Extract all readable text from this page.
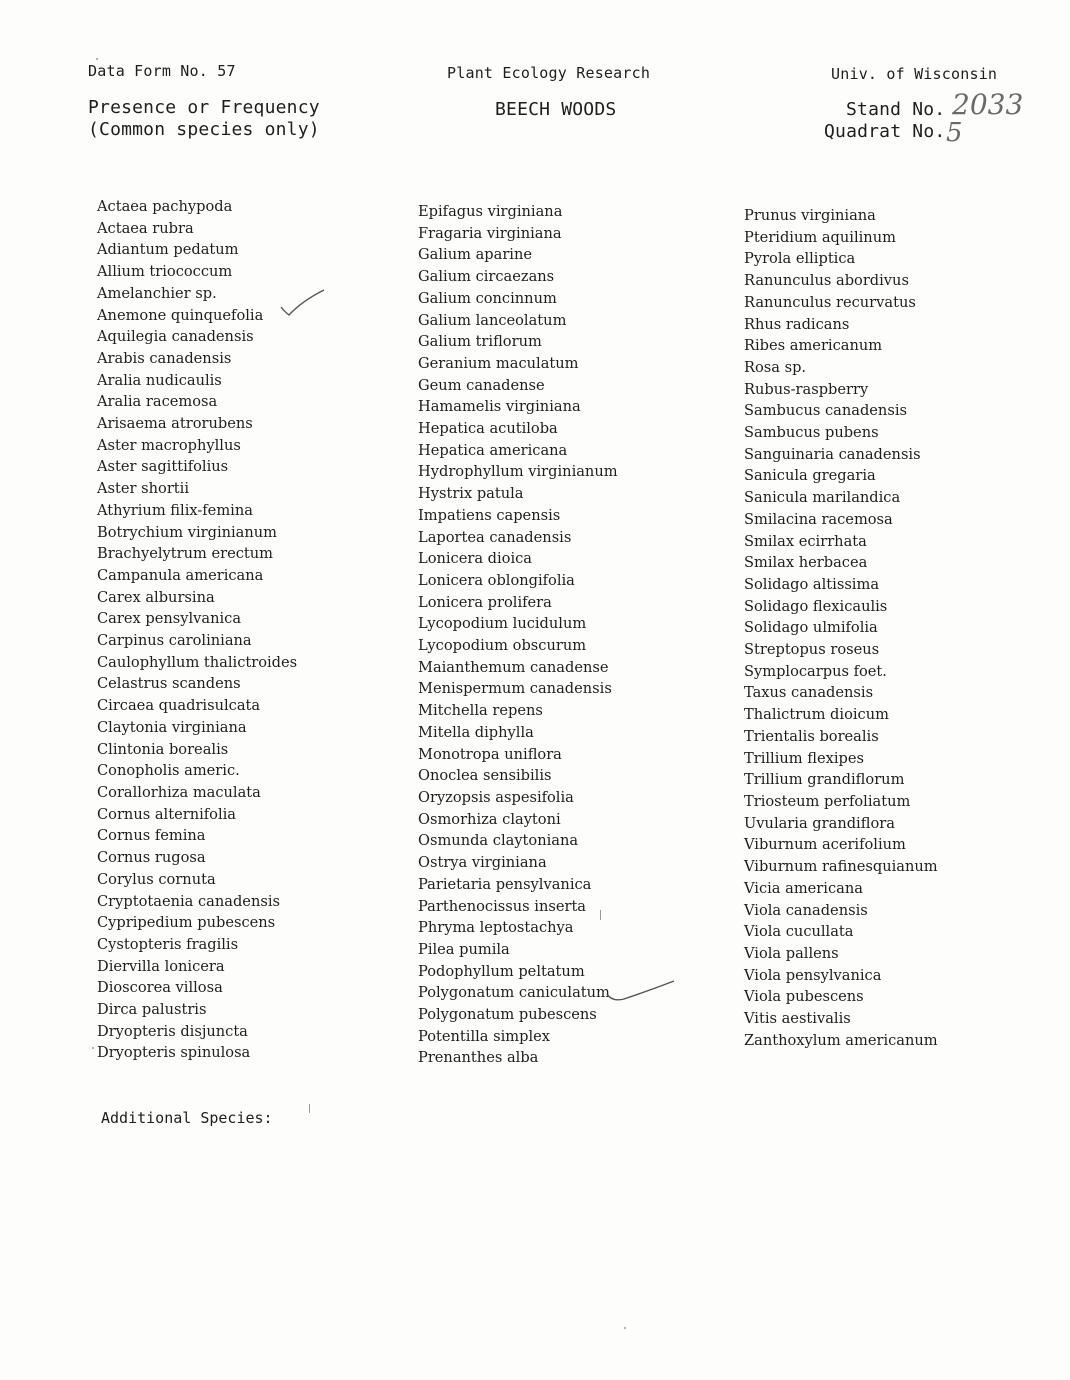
Data Form No. 57	Plant Ecology Research	Univ. of Wisconsin
Presence or Frequency
(Common species only)
BEECH WOODS	Stand No. 2033
Quadrat No. 5
Actaea pachypoda
Actaea rubra
Adiantum pedatum
Allium triococcum
Amelanchier sp.
Anemone quinquefolia
Aquilegia canadensis
Arabis canadensis
Aralia nudicaulis
Aralia racemosa
Arisaema atrorubens
Aster macrophyllus
Aster sagittifolius
Aster shortii
Athyrium filix-femina
Botrychium virginianum
Brachyelytrum erectum
Campanula americana
Carex albursina
Carex pensylvanica
Carpinus caroliniana
Caulophyllum thalictroides
Celastrus scandens
Circaea quadrisulcata
Claytonia virginiana
Clintonia borealis
Conopholis americ.
Corallorhiza maculata
Cornus alternifolia
Cornus femina
Cornus rugosa
Corylus cornuta
Cryptotaenia canadensis
Cypripedium pubescens
Cystopteris fragilis
Diervilla lonicera
Dioscorea villosa
Dirca palustris
Dryopteris disjuncta
Dryopteris spinulosa
Epifagus virginiana
Fragaria virginiana
Galium aparine
Galium circaezans
Galium concinnum
Galium lanceolatum
Galium triflorum
Geranium maculatum
Geum canadense
Hamamelis virginiana
Hepatica acutiloba
Hepatica americana
Hydrophyllum virginianum
Hystrix patula
Impatiens capensis
Laportea canadensis
Lonicera dioica
Lonicera oblongifolia
Lonicera prolifera
Lycopodium lucidulum
Lycopodium obscurum
Maianthemum canadense
Menispermum canadensis
Mitchella repens
Mitella diphylla
Monotropa uniflora
Onoclea sensibilis
Oryzopsis aspesifolia
Osmorhiza claytoni
Osmunda claytoniana
Ostrya virginiana
Parietaria pensylvanica
Parthenocissus inserta
Phryma leptostachya
Pilea pumila
Podophyllum peltatum
Polygonatum caniculatum
Polygonatum pubescens
Potentilla simplex
Prenanthes alba
Prunus virginiana
Pteridium aquilinum
Pyrola elliptica
Ranunculus abordivus
Ranunculus recurvatus
Rhus radicans
Ribes americanum
Rosa sp.
Rubus-raspberry
Sambucus canadensis
Sambucus pubens
Sanguinaria canadensis
Sanicula gregaria
Sanicula marilandica
Smilacina racemosa
Smilax ecirrhata
Smilax herbacea
Solidago altissima
Solidago flexicaulis
Solidago ulmifolia
Streptopus roseus
Symplocarpus foet.
Taxus canadensis
Thalictrum dioicum
Trientalis borealis
Trillium flexipes
Trillium grandiflorum
Triosteum perfoliatum
Uvularia grandiflora
Viburnum acerifolium
Viburnum rafinesquianum
Vicia americana
Viola canadensis
Viola cucullata
Viola pallens
Viola pensylvanica
Viola pubescens
Vitis aestivalis
Zanthoxylum americanum
Additional Species:
